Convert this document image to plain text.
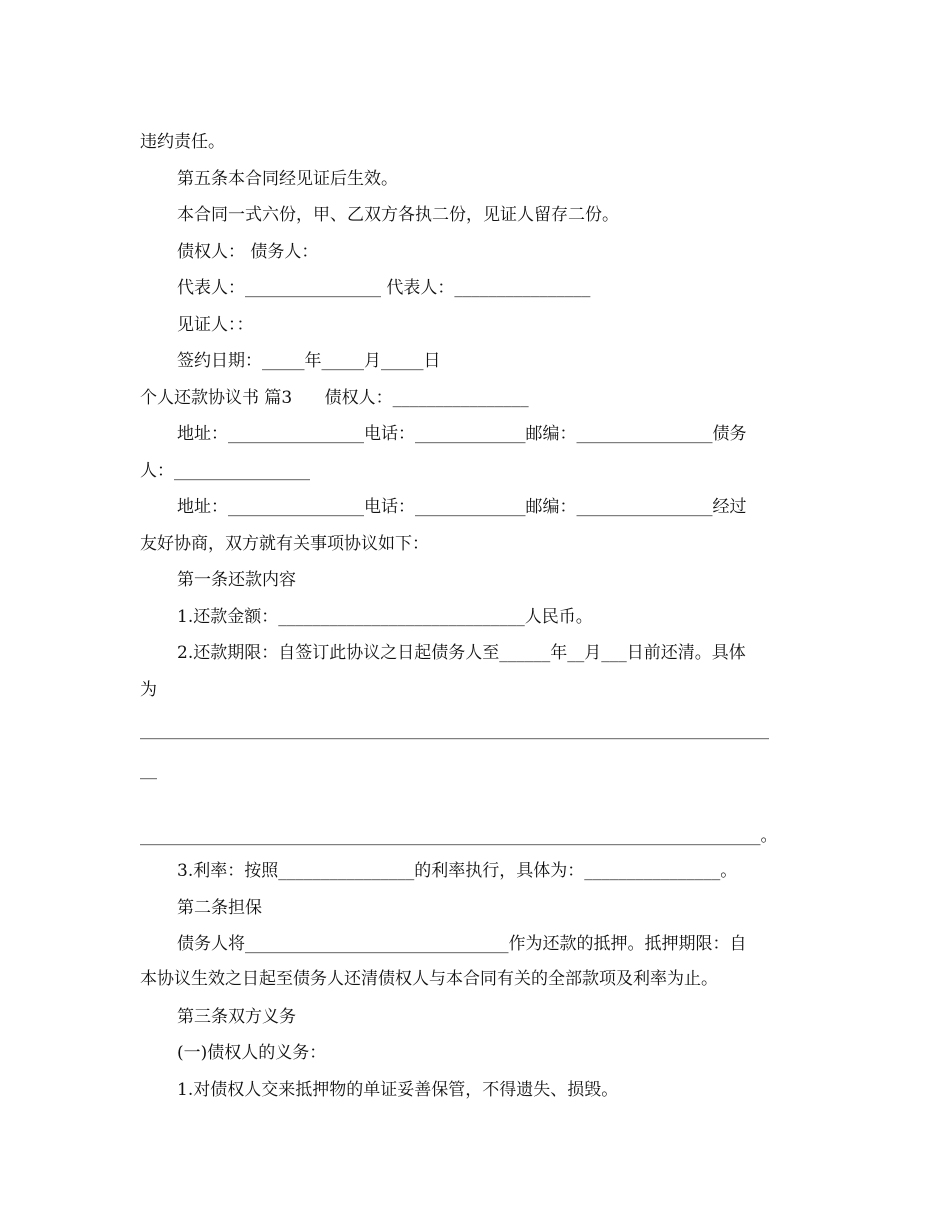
违约责任。
第五条本合同经见证后生效。
本合同一式六份，甲、乙双方各执二份，见证人留存二份。
债权人： 债务人：
代表人：________________ 代表人：________________
见证人：：
签约日期：_____年_____月_____日
个人还款协议书 篇3      债权人：________________
地址：________________电话：_____________邮编：________________债务
人：________________
地址：________________电话：_____________邮编：________________经过
友好协商，双方就有关事项协议如下：
第一条还款内容
1.还款金额：_____________________________人民币。
2.还款期限：自签订此协议之日起债务人至______年__月___日前还清。具体
为
__________________________________________________________________________
__
_________________________________________________________________________。
3.利率：按照________________的利率执行，具体为：________________。
第二条担保
债务人将_______________________________作为还款的抵押。抵押期限：自
本协议生效之日起至债务人还清债权人与本合同有关的全部款项及利率为止。
第三条双方义务
(一)债权人的义务：
1.对债权人交来抵押物的单证妥善保管，不得遗失、损毁。
